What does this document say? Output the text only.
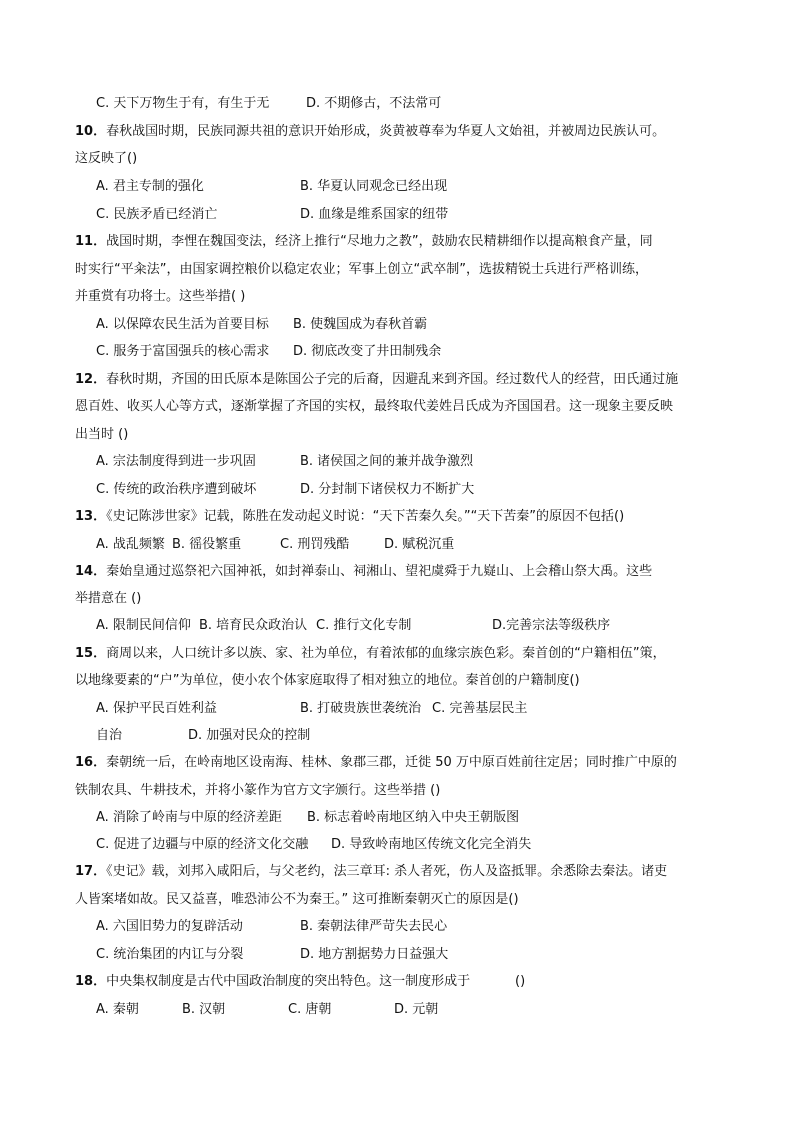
C. 天下万物生于有，有生于无	D. 不期修古，不法常可
10．春秋战国时期，民族同源共祖的意识开始形成，炎黄被尊奉为华夏人文始祖，并被周边民族认可。
这反映了()
A. 君主专制的强化	B. 华夏认同观念已经出现
C. 民族矛盾已经消亡	D. 血缘是维系国家的纽带
11．战国时期，李悝在魏国变法，经济上推行“尽地力之教”，鼓励农民精耕细作以提高粮食产量，同
时实行“平籴法”，由国家调控粮价以稳定农业；军事上创立“武卒制”，选拔精锐士兵进行严格训练，
并重赏有功将士。这些举措( )
A. 以保障农民生活为首要目标 B. 使魏国成为春秋首霸
C. 服务于富国强兵的核心需求 D. 彻底改变了井田制残余
12．春秋时期，齐国的田氏原本是陈国公子完的后裔，因避乱来到齐国。经过数代人的经营，田氏通过施
恩百姓、收买人心等方式，逐渐掌握了齐国的实权，最终取代姜姓吕氏成为齐国国君。这一现象主要反映
出当时 ()
A. 宗法制度得到进一步巩固	B. 诸侯国之间的兼并战争激烈
C. 传统的政治秩序遭到破坏	D. 分封制下诸侯权力不断扩大
13．《史记陈涉世家》记载，陈胜在发动起义时说：“天下苦秦久矣。”“天下苦秦”的原因不包括()
A. 战乱频繁 B. 徭役繁重	C. 刑罚残酷	D. 赋税沉重
14．秦始皇通过巡祭祀六国神祇，如封禅泰山、祠湘山、望祀虞舜于九嶷山、上会稽山祭大禹。这些
举措意在 ()
A. 限制民间信仰 B. 培育民众政治认 C. 推行文化专制	D.完善宗法等级秩序
15．商周以来，人口统计多以族、家、社为单位，有着浓郁的血缘宗族色彩。秦首创的“户籍相伍”策，
以地缘要素的“户”为单位，使小农个体家庭取得了相对独立的地位。秦首创的户籍制度()
A. 保护平民百姓利益	B. 打破贵族世袭统治 C. 完善基层民主
自治	D. 加强对民众的控制
16．秦朝统一后，在岭南地区设南海、桂林、象郡三郡，迁徙 50 万中原百姓前往定居；同时推广中原的
铁制农具、牛耕技术，并将小篆作为官方文字颁行。这些举措 ()
A. 消除了岭南与中原的经济差距 B. 标志着岭南地区纳入中央王朝版图
C. 促进了边疆与中原的经济文化交融 D. 导致岭南地区传统文化完全消失
17．《史记》载，刘邦入咸阳后，与父老约，法三章耳: 杀人者死，伤人及盗抵罪。余悉除去秦法。诸吏
人皆案堵如故。民又益喜，唯恐沛公不为秦王。” 这可推断秦朝灭亡的原因是()
A. 六国旧势力的复辟活动	B. 秦朝法律严苛失去民心
C. 统治集团的内讧与分裂	D. 地方割据势力日益强大
18．中央集权制度是古代中国政治制度的突出特色。这一制度形成于	()
A. 秦朝	B. 汉朝	C. 唐朝	D. 元朝
